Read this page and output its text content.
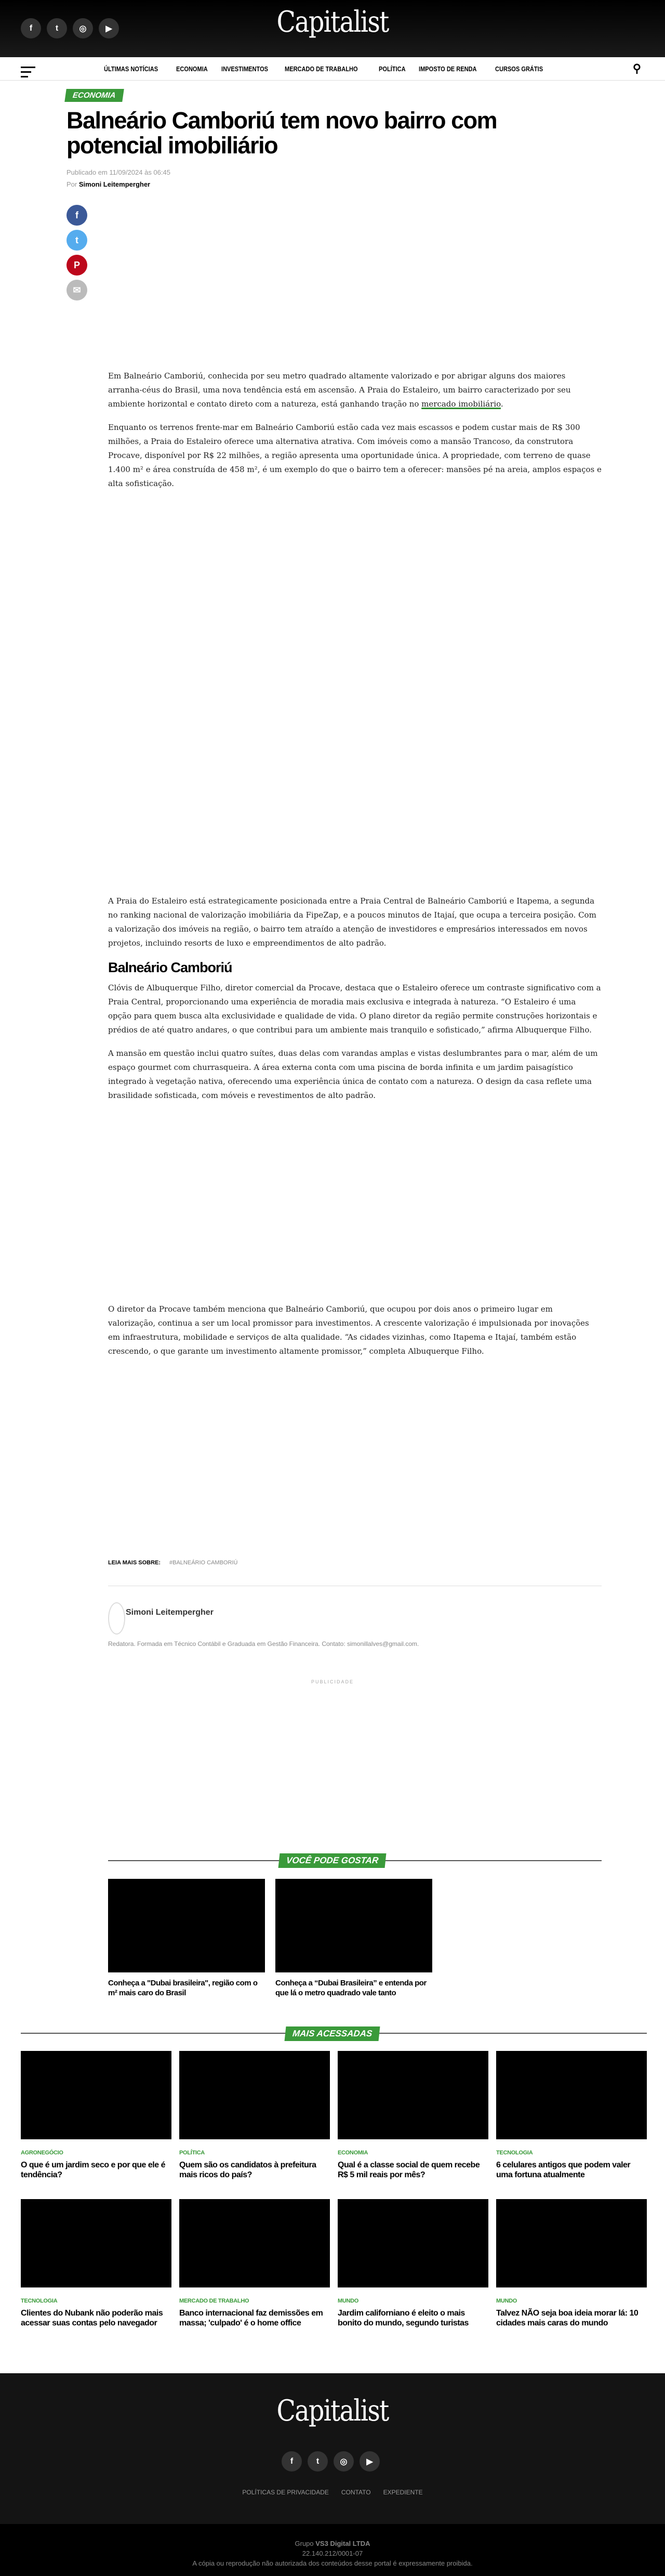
f	t	◎	▶	Capitalist
ÚLTIMAS NOTÍCIAS	ECONOMIA INVESTIMENTOS MERCADO DE TRABALHO	POLÍTICA IMPOSTO DE RENDA	CURSOS GRÁTIS	⚲
ECONOMIA
Balneário Camboriú tem novo bairro com potencial imobiliário
Publicado em 11/09/2024 às 06:45
Por Simoni Leitempergher
f
t
P
✉

Em Balneário Camboriú, conhecida por seu metro quadrado altamente valorizado e por abrigar alguns dos maiores arranha-céus do Brasil, uma nova tendência está em ascensão. A Praia do Estaleiro, um bairro caracterizado por seu ambiente horizontal e contato direto com a natureza, está ganhando tração no mercado imobiliário.

Enquanto os terrenos frente-mar em Balneário Camboriú estão cada vez mais escassos e podem custar mais de R$ 300 milhões, a Praia do Estaleiro oferece uma alternativa atrativa. Com imóveis como a mansão Trancoso, da construtora Procave, disponível por R$ 22 milhões, a região apresenta uma oportunidade única. A propriedade, com terreno de quase 1.400 m² e área construída de 458 m², é um exemplo do que o bairro tem a oferecer: mansões pé na areia, amplos espaços e alta sofisticação.

A Praia do Estaleiro está estrategicamente posicionada entre a Praia Central de Balneário Camboriú e Itapema, a segunda no ranking nacional de valorização imobiliária da FipeZap, e a poucos minutos de Itajaí, que ocupa a terceira posição. Com a valorização dos imóveis na região, o bairro tem atraído a atenção de investidores e empresários interessados em novos projetos, incluindo resorts de luxo e empreendimentos de alto padrão.

Balneário Camboriú

Clóvis de Albuquerque Filho, diretor comercial da Procave, destaca que o Estaleiro oferece um contraste significativo com a Praia Central, proporcionando uma experiência de moradia mais exclusiva e integrada à natureza. “O Estaleiro é uma opção para quem busca alta exclusividade e qualidade de vida. O plano diretor da região permite construções horizontais e prédios de até quatro andares, o que contribui para um ambiente mais tranquilo e sofisticado,” afirma Albuquerque Filho.

A mansão em questão inclui quatro suítes, duas delas com varandas amplas e vistas deslumbrantes para o mar, além de um espaço gourmet com churrasqueira. A área externa conta com uma piscina de borda infinita e um jardim paisagístico integrado à vegetação nativa, oferecendo uma experiência única de contato com a natureza. O design da casa reflete uma brasilidade sofisticada, com móveis e revestimentos de alto padrão.

O diretor da Procave também menciona que Balneário Camboriú, que ocupou por dois anos o primeiro lugar em valorização, continua a ser um local promissor para investimentos. A crescente valorização é impulsionada por inovações em infraestrutura, mobilidade e serviços de alta qualidade. “As cidades vizinhas, como Itapema e Itajaí, também estão crescendo, o que garante um investimento altamente promissor,” completa Albuquerque Filho.

LEIA MAIS SOBRE: #BALNEÁRIO CAMBORIÚ
Simoni Leitempergher
Redatora. Formada em Técnico Contábil e Graduada em Gestão Financeira. Contato: simonillalves@gmail.com.
PUBLICIDADE
VOCÊ PODE GOSTAR
Conheça a "Dubai brasileira", região com o m² mais caro do Brasil
Conheça a “Dubai Brasileira” e entenda por que lá o metro quadrado vale tanto
MAIS ACESSADAS
AGRONEGÓCIO
O que é um jardim seco e por que ele é tendência?
POLÍTICA
Quem são os candidatos à prefeitura mais ricos do país?
ECONOMIA
Qual é a classe social de quem recebe R$ 5 mil reais por mês?
TECNOLOGIA
6 celulares antigos que podem valer uma fortuna atualmente
TECNOLOGIA
Clientes do Nubank não poderão mais acessar suas contas pelo navegador
MERCADO DE TRABALHO
Banco internacional faz demissões em massa; 'culpado' é o home office
MUNDO
Jardim californiano é eleito o mais bonito do mundo, segundo turistas
MUNDO
Talvez NÃO seja boa ideia morar lá: 10 cidades mais caras do mundo
Capitalist
f	t	◎	▶
POLÍTICAS DE PRIVACIDADE CONTATO EXPEDIENTE
Grupo VS3 Digital LTDA
22.140.212/0001-07
A cópia ou reprodução não autorizada dos conteúdos desse portal é expressamente proibida.
